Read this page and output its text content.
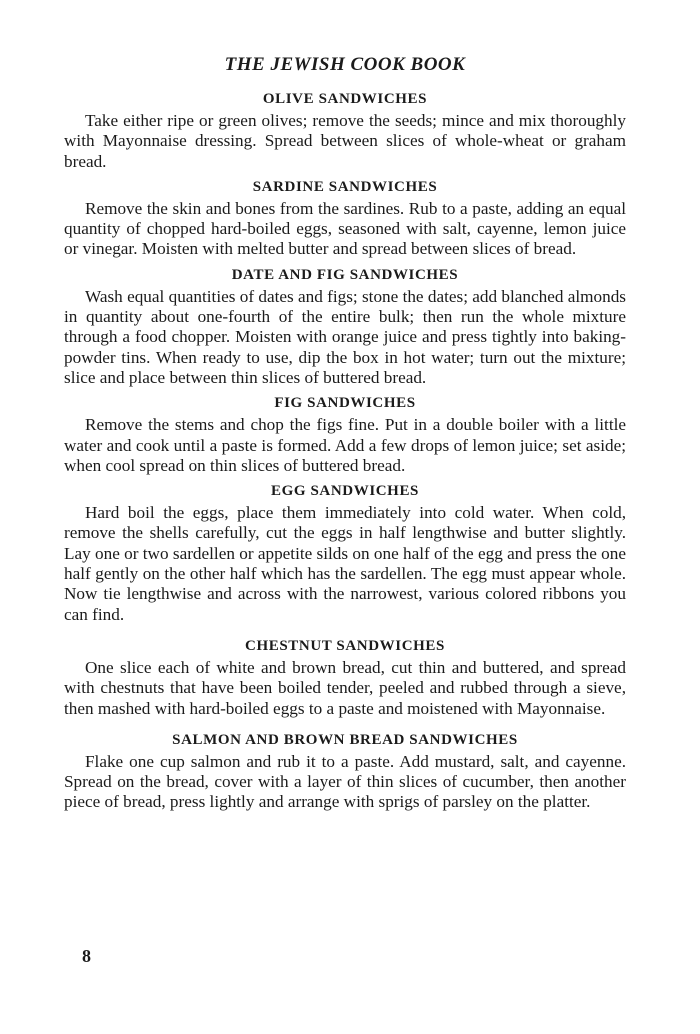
THE JEWISH COOK BOOK
OLIVE SANDWICHES

Take either ripe or green olives; remove the seeds; mince and mix thoroughly with Mayonnaise dressing. Spread between slices of whole-wheat or graham bread.

SARDINE SANDWICHES

Remove the skin and bones from the sardines. Rub to a paste, adding an equal quantity of chopped hard-boiled eggs, seasoned with salt, cayenne, lemon juice or vinegar. Moisten with melted butter and spread between slices of bread.

DATE AND FIG SANDWICHES

Wash equal quantities of dates and figs; stone the dates; add blanched almonds in quantity about one-fourth of the entire bulk; then run the whole mixture through a food chopper. Moisten with orange juice and press tightly into baking-powder tins. When ready to use, dip the box in hot water; turn out the mixture; slice and place between thin slices of buttered bread.

FIG SANDWICHES

Remove the stems and chop the figs fine. Put in a double boiler with a little water and cook until a paste is formed. Add a few drops of lemon juice; set aside; when cool spread on thin slices of buttered bread.

EGG SANDWICHES

Hard boil the eggs, place them immediately into cold water. When cold, remove the shells carefully, cut the eggs in half lengthwise and butter slightly. Lay one or two sardellen or appetite silds on one half of the egg and press the one half gently on the other half which has the sardellen. The egg must appear whole. Now tie lengthwise and across with the narrowest, various colored ribbons you can find.

CHESTNUT SANDWICHES

One slice each of white and brown bread, cut thin and buttered, and spread with chestnuts that have been boiled tender, peeled and rubbed through a sieve, then mashed with hard-boiled eggs to a paste and moistened with Mayonnaise.

SALMON AND BROWN BREAD SANDWICHES

Flake one cup salmon and rub it to a paste. Add mustard, salt, and cayenne. Spread on the bread, cover with a layer of thin slices of cucumber, then another piece of bread, press lightly and arrange with sprigs of parsley on the platter.

8
